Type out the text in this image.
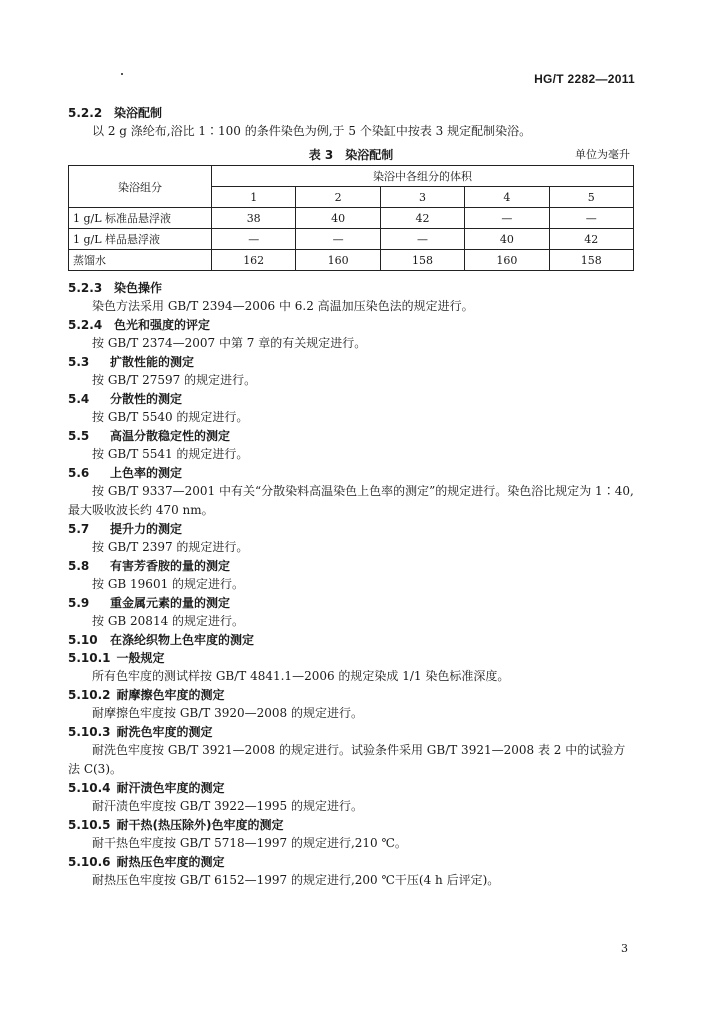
HG/T 2282—2011
5.2.2 染浴配制

以 2 g 涤纶布,浴比 1∶100 的条件染色为例,于 5 个染缸中按表 3 规定配制染浴。

表 3　染浴配制	单位为毫升
染浴组分	染浴中各组分的体积				
	1	2	3	4	5
1 g/L 标准品悬浮液	38	40	42	—	—
1 g/L 样品悬浮液	—	—	—	40	42
蒸馏水	162	160	158	160	158
5.2.3 染色操作

染色方法采用 GB/T 2394—2006 中 6.2 高温加压染色法的规定进行。

5.2.4 色光和强度的评定

按 GB/T 2374—2007 中第 7 章的有关规定进行。

5.3 扩散性能的测定

按 GB/T 27597 的规定进行。

5.4 分散性的测定

按 GB/T 5540 的规定进行。

5.5 高温分散稳定性的测定

按 GB/T 5541 的规定进行。

5.6 上色率的测定

按 GB/T 9337—2001 中有关“分散染料高温染色上色率的测定”的规定进行。染色浴比规定为 1∶40,最大吸收波长约 470 nm。

5.7 提升力的测定

按 GB/T 2397 的规定进行。

5.8 有害芳香胺的量的测定

按 GB 19601 的规定进行。

5.9 重金属元素的量的测定

按 GB 20814 的规定进行。

5.10 在涤纶织物上色牢度的测定
5.10.1 一般规定

所有色牢度的测试样按 GB/T 4841.1—2006 的规定染成 1/1 染色标准深度。

5.10.2 耐摩擦色牢度的测定

耐摩擦色牢度按 GB/T 3920—2008 的规定进行。

5.10.3 耐洗色牢度的测定

耐洗色牢度按 GB/T 3921—2008 的规定进行。试验条件采用 GB/T 3921—2008 表 2 中的试验方法 C(3)。

5.10.4 耐汗渍色牢度的测定

耐汗渍色牢度按 GB/T 3922—1995 的规定进行。

5.10.5 耐干热(热压除外)色牢度的测定

耐干热色牢度按 GB/T 5718—1997 的规定进行,210 ℃。

5.10.6 耐热压色牢度的测定

耐热压色牢度按 GB/T 6152—1997 的规定进行,200 ℃干压(4 h 后评定)。

3
